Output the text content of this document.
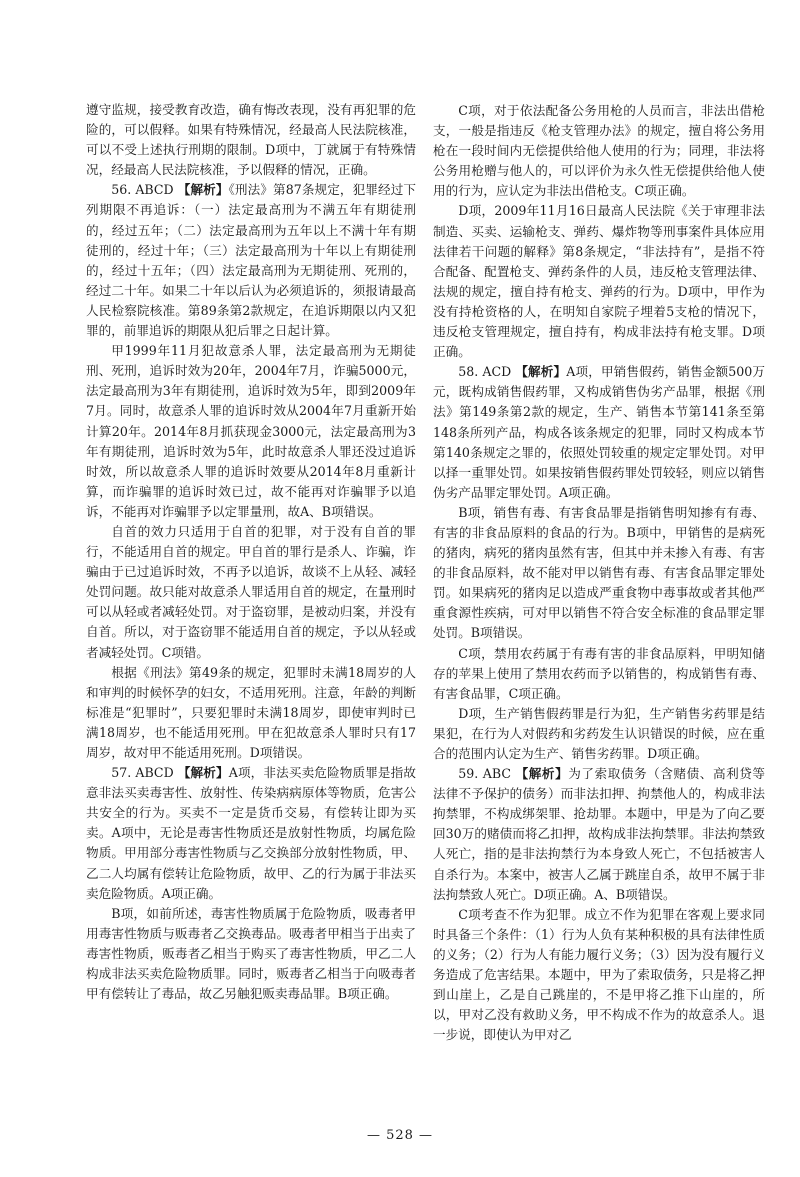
遵守监规，接受教育改造，确有悔改表现，没有再犯罪的危险的，可以假释。如果有特殊情况，经最高人民法院核准，可以不受上述执行刑期的限制。D项中，丁就属于有特殊情况，经最高人民法院核准，予以假释的情况，正确。

56. ABCD 【解析】《刑法》第87条规定，犯罪经过下列期限不再追诉：（一）法定最高刑为不满五年有期徒刑的，经过五年；（二）法定最高刑为五年以上不满十年有期徒刑的，经过十年；（三）法定最高刑为十年以上有期徒刑的，经过十五年；（四）法定最高刑为无期徒刑、死刑的，经过二十年。如果二十年以后认为必须追诉的，须报请最高人民检察院核准。第89条第2款规定，在追诉期限以内又犯罪的，前罪追诉的期限从犯后罪之日起计算。

甲1999年11月犯故意杀人罪，法定最高刑为无期徒刑、死刑，追诉时效为20年，2004年7月，诈骗5000元，法定最高刑为3年有期徒刑，追诉时效为5年，即到2009年7月。同时，故意杀人罪的追诉时效从2004年7月重新开始计算20年。2014年8月抓获现金3000元，法定最高刑为3年有期徒刑，追诉时效为5年，此时故意杀人罪还没过追诉时效，所以故意杀人罪的追诉时效要从2014年8月重新计算，而诈骗罪的追诉时效已过，故不能再对诈骗罪予以追诉，不能再对诈骗罪予以定罪量刑，故A、B项错误。

自首的效力只适用于自首的犯罪，对于没有自首的罪行，不能适用自首的规定。甲自首的罪行是杀人、诈骗，诈骗由于已过追诉时效，不再予以追诉，故谈不上从轻、减轻处罚问题。故只能对故意杀人罪适用自首的规定，在量刑时可以从轻或者减轻处罚。对于盗窃罪，是被动归案，并没有自首。所以，对于盗窃罪不能适用自首的规定，予以从轻或者减轻处罚。C项错。

根据《刑法》第49条的规定，犯罪时未满18周岁的人和审判的时候怀孕的妇女，不适用死刑。注意，年龄的判断标准是“犯罪时”，只要犯罪时未满18周岁，即使审判时已满18周岁，也不能适用死刑。甲在犯故意杀人罪时只有17周岁，故对甲不能适用死刑。D项错误。

57. ABCD 【解析】A项，非法买卖危险物质罪是指故意非法买卖毒害性、放射性、传染病病原体等物质，危害公共安全的行为。买卖不一定是货币交易，有偿转让即为买卖。A项中，无论是毒害性物质还是放射性物质，均属危险物质。甲用部分毒害性物质与乙交换部分放射性物质，甲、乙二人均属有偿转让危险物质，故甲、乙的行为属于非法买卖危险物质。A项正确。

B项，如前所述，毒害性物质属于危险物质，吸毒者甲用毒害性物质与贩毒者乙交换毒品。吸毒者甲相当于出卖了毒害性物质，贩毒者乙相当于购买了毒害性物质，甲乙二人构成非法买卖危险物质罪。同时，贩毒者乙相当于向吸毒者甲有偿转让了毒品，故乙另触犯贩卖毒品罪。B项正确。

C项，对于依法配备公务用枪的人员而言，非法出借枪支，一般是指违反《枪支管理办法》的规定，擅自将公务用枪在一段时间内无偿提供给他人使用的行为；同理，非法将公务用枪赠与他人的，可以评价为永久性无偿提供给他人使用的行为，应认定为非法出借枪支。C项正确。

D项，2009年11月16日最高人民法院《关于审理非法制造、买卖、运输枪支、弹药、爆炸物等刑事案件具体应用法律若干问题的解释》第8条规定，“非法持有”，是指不符合配备、配置枪支、弹药条件的人员，违反枪支管理法律、法规的规定，擅自持有枪支、弹药的行为。D项中，甲作为没有持枪资格的人，在明知自家院子埋着5支枪的情况下，违反枪支管理规定，擅自持有，构成非法持有枪支罪。D项正确。

58. ACD 【解析】A项，甲销售假药，销售金额500万元，既构成销售假药罪，又构成销售伪劣产品罪，根据《刑法》第149条第2款的规定，生产、销售本节第141条至第148条所列产品，构成各该条规定的犯罪，同时又构成本节第140条规定之罪的，依照处罚较重的规定定罪处罚。对甲以择一重罪处罚。如果按销售假药罪处罚较轻，则应以销售伪劣产品罪定罪处罚。A项正确。

B项，销售有毒、有害食品罪是指销售明知掺有有毒、有害的非食品原料的食品的行为。B项中，甲销售的是病死的猪肉，病死的猪肉虽然有害，但其中并未掺入有毒、有害的非食品原料，故不能对甲以销售有毒、有害食品罪定罪处罚。如果病死的猪肉足以造成严重食物中毒事故或者其他严重食源性疾病，可对甲以销售不符合安全标准的食品罪定罪处罚。B项错误。

C项，禁用农药属于有毒有害的非食品原料，甲明知储存的苹果上使用了禁用农药而予以销售的，构成销售有毒、有害食品罪，C项正确。

D项，生产销售假药罪是行为犯，生产销售劣药罪是结果犯，在行为人对假药和劣药发生认识错误的时候，应在重合的范围内认定为生产、销售劣药罪。D项正确。

59. ABC 【解析】为了索取债务（含赌债、高利贷等法律不予保护的债务）而非法扣押、拘禁他人的，构成非法拘禁罪，不构成绑架罪、抢劫罪。本题中，甲是为了向乙要回30万的赌债而将乙扣押，故构成非法拘禁罪。非法拘禁致人死亡，指的是非法拘禁行为本身致人死亡，不包括被害人自杀行为。本案中，被害人乙属于跳崖自杀，故甲不属于非法拘禁致人死亡。D项正确。A、B项错误。

C项考查不作为犯罪。成立不作为犯罪在客观上要求同时具备三个条件：（1）行为人负有某种积极的具有法律性质的义务；（2）行为人有能力履行义务；（3）因为没有履行义务造成了危害结果。本题中，甲为了索取债务，只是将乙押到山崖上，乙是自己跳崖的，不是甲将乙推下山崖的，所以，甲对乙没有救助义务，甲不构成不作为的故意杀人。退一步说，即使认为甲对乙

— 528 —
